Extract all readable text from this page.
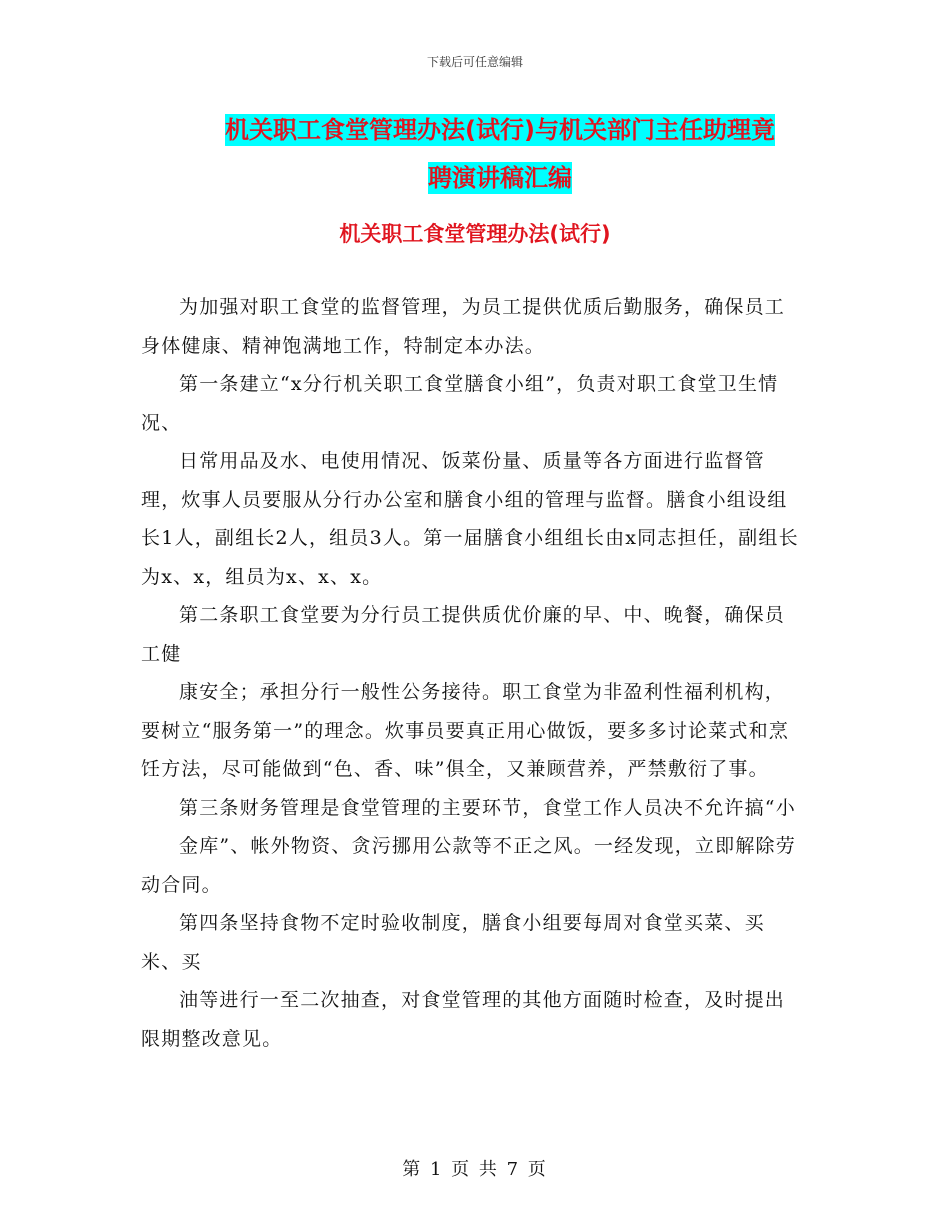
下载后可任意编辑
机关职工食堂管理办法(试行)与机关部门主任助理竟
聘演讲稿汇编
机关职工食堂管理办法(试行)

为加强对职工食堂的监督管理，为员工提供优质后勤服务，确保员工身体健康、精神饱满地工作，特制定本办法。

第一条建立“x分行机关职工食堂膳食小组”，负责对职工食堂卫生情况、

日常用品及水、电使用情况、饭菜份量、质量等各方面进行监督管理，炊事人员要服从分行办公室和膳食小组的管理与监督。膳食小组设组长1人，副组长2人，组员3人。第一届膳食小组组长由x同志担任，副组长为x、x，组员为x、x、x。

第二条职工食堂要为分行员工提供质优价廉的早、中、晚餐，确保员工健

康安全；承担分行一般性公务接待。职工食堂为非盈利性福利机构，要树立“服务第一”的理念。炊事员要真正用心做饭，要多多讨论菜式和烹饪方法，尽可能做到“色、香、味”俱全，又兼顾营养，严禁敷衍了事。

第三条财务管理是食堂管理的主要环节，食堂工作人员决不允许搞“小

金库”、帐外物资、贪污挪用公款等不正之风。一经发现，立即解除劳动合同。

第四条坚持食物不定时验收制度，膳食小组要每周对食堂买菜、买米、买

油等进行一至二次抽查，对食堂管理的其他方面随时检查，及时提出限期整改意见。

第 1 页 共 7 页
